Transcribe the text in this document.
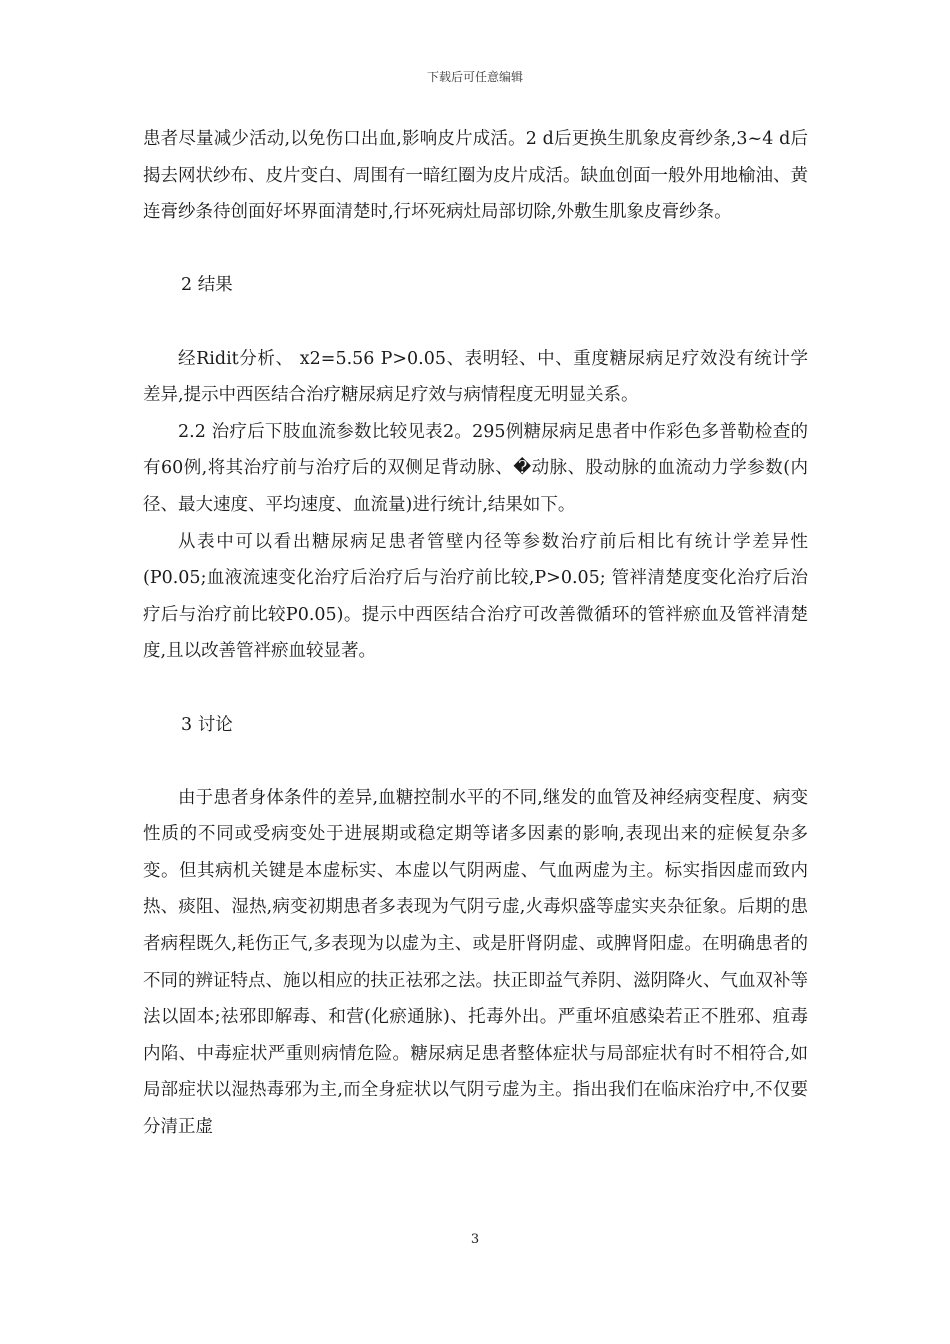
下载后可任意编辑

患者尽量减少活动,以免伤口出血,影响皮片成活。2 d后更换生肌象皮膏纱条,3~4 d后揭去网状纱布、皮片变白、周围有一暗红圈为皮片成活。缺血创面一般外用地榆油、黄连膏纱条待创面好坏界面清楚时,行坏死病灶局部切除,外敷生肌象皮膏纱条。

2 结果

经Ridit分析、 x2=5.56 P>0.05、表明轻、中、重度糖尿病足疗效没有统计学差异,提示中西医结合治疗糖尿病足疗效与病情程度无明显关系。

2.2 治疗后下肢血流参数比较见表2。295例糖尿病足患者中作彩色多普勒检查的有60例,将其治疗前与治疗后的双侧足背动脉、�动脉、股动脉的血流动力学参数(内径、最大速度、平均速度、血流量)进行统计,结果如下。

从表中可以看出糖尿病足患者管壁内径等参数治疗前后相比有统计学差异性(P0.05;血液流速变化治疗后治疗后与治疗前比较,P>0.05; 管袢清楚度变化治疗后治疗后与治疗前比较P0.05)。提示中西医结合治疗可改善微循环的管袢瘀血及管袢清楚度,且以改善管袢瘀血较显著。

3 讨论

由于患者身体条件的差异,血糖控制水平的不同,继发的血管及神经病变程度、病变性质的不同或受病变处于进展期或稳定期等诸多因素的影响,表现出来的症候复杂多变。但其病机关键是本虚标实、本虚以气阴两虚、气血两虚为主。标实指因虚而致内热、痰阻、湿热,病变初期患者多表现为气阴亏虚,火毒炽盛等虚实夹杂征象。后期的患者病程既久,耗伤正气,多表现为以虚为主、或是肝肾阴虚、或脾肾阳虚。在明确患者的不同的辨证特点、施以相应的扶正祛邪之法。扶正即益气养阴、滋阴降火、气血双补等法以固本;祛邪即解毒、和营(化瘀通脉)、托毒外出。严重坏疽感染若正不胜邪、疽毒内陷、中毒症状严重则病情危险。糖尿病足患者整体症状与局部症状有时不相符合,如局部症状以湿热毒邪为主,而全身症状以气阴亏虚为主。指出我们在临床治疗中,不仅要分清正虚

3
